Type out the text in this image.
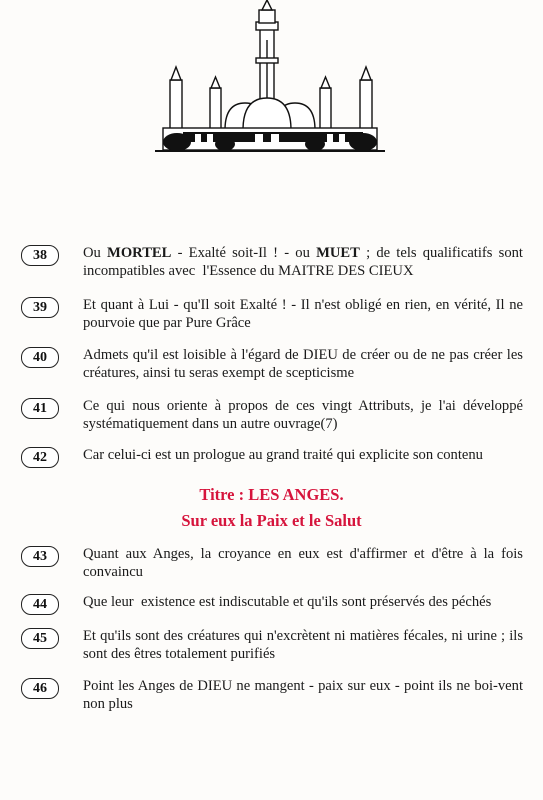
38	Ou MORTEL - Exalté soit-Il ! - ou MUET ; de tels qualificatifs sont incompatibles avec  l'Essence du MAITRE DES CIEUX
39	Et quant à Lui - qu'Il soit Exalté ! - Il n'est obligé en rien, en vérité, Il ne pourvoie que par Pure Grâce
40	Admets qu'il est loisible à l'égard de DIEU de créer ou de ne pas créer les créatures, ainsi tu seras exempt de scepticisme
41	Ce qui nous oriente à propos de ces vingt Attributs, je l'ai développé systématiquement dans un autre ouvrage(7)
42	Car celui-ci est un prologue au grand traité qui explicite son contenu
Titre : LES ANGES.
Sur eux la Paix et le Salut
43	Quant aux Anges, la croyance en eux est d'affirmer et d'être à la fois convaincu
44	Que leur  existence est indiscutable et qu'ils sont préservés des péchés
45	Et qu'ils sont des créatures qui n'excrètent ni matières fécales, ni urine ; ils sont des êtres totalement purifiés
46	Point les Anges de DIEU ne mangent - paix sur eux - point ils ne boi-vent non plus
